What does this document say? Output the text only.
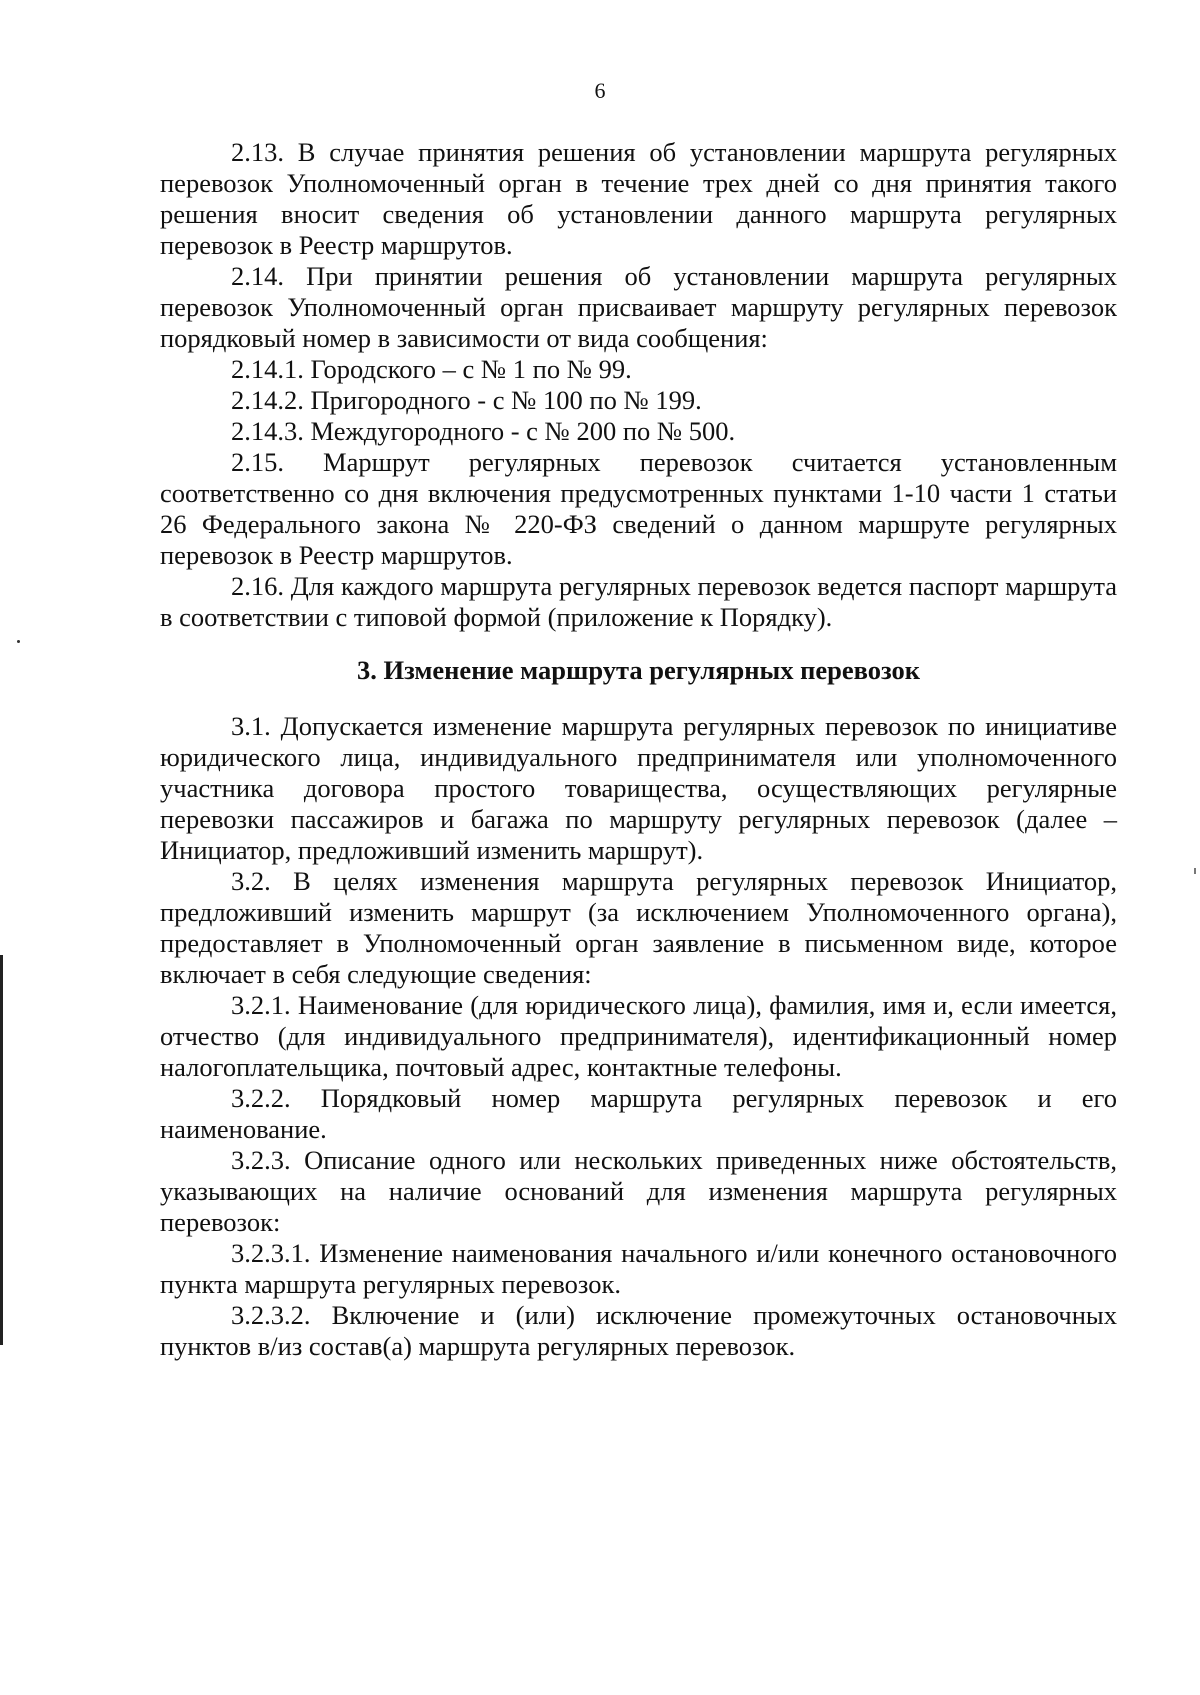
6

2.13. В случае принятия решения об установлении маршрута регулярных перевозок Уполномоченный орган в течение трех дней со дня принятия такого решения вносит сведения об установлении данного маршрута регулярных перевозок в Реестр маршрутов.

2.14. При принятии решения об установлении маршрута регулярных перевозок Уполномоченный орган присваивает маршруту регулярных перевозок порядковый номер в зависимости от вида сообщения:

2.14.1. Городского – с № 1 по № 99.

2.14.2. Пригородного - с № 100 по № 199.

2.14.3. Междугородного - с № 200 по № 500.

2.15. Маршрут регулярных перевозок считается установленным соответственно со дня включения предусмотренных пунктами 1-10 части 1 статьи 26 Федерального закона № 220-ФЗ сведений о данном маршруте регулярных перевозок в Реестр маршрутов.

2.16. Для каждого маршрута регулярных перевозок ведется паспорт маршрута в соответствии с типовой формой (приложение к Порядку).

3. Изменение маршрута регулярных перевозок

3.1. Допускается изменение маршрута регулярных перевозок по инициативе юридического лица, индивидуального предпринимателя или уполномоченного участника договора простого товарищества, осуществляющих регулярные перевозки пассажиров и багажа по маршруту регулярных перевозок (далее – Инициатор, предложивший изменить маршрут).

3.2. В целях изменения маршрута регулярных перевозок Инициатор, предложивший изменить маршрут (за исключением Уполномоченного органа), предоставляет в Уполномоченный орган заявление в письменном виде, которое включает в себя следующие сведения:

3.2.1. Наименование (для юридического лица), фамилия, имя и, если имеется, отчество (для индивидуального предпринимателя), идентификационный номер налогоплательщика, почтовый адрес, контактные телефоны.

3.2.2. Порядковый номер маршрута регулярных перевозок и его наименование.

3.2.3. Описание одного или нескольких приведенных ниже обстоятельств, указывающих на наличие оснований для изменения маршрута регулярных перевозок:

3.2.3.1. Изменение наименования начального и/или конечного остановочного пункта маршрута регулярных перевозок.

3.2.3.2. Включение и (или) исключение промежуточных остановочных пунктов в/из состав(а) маршрута регулярных перевозок.
